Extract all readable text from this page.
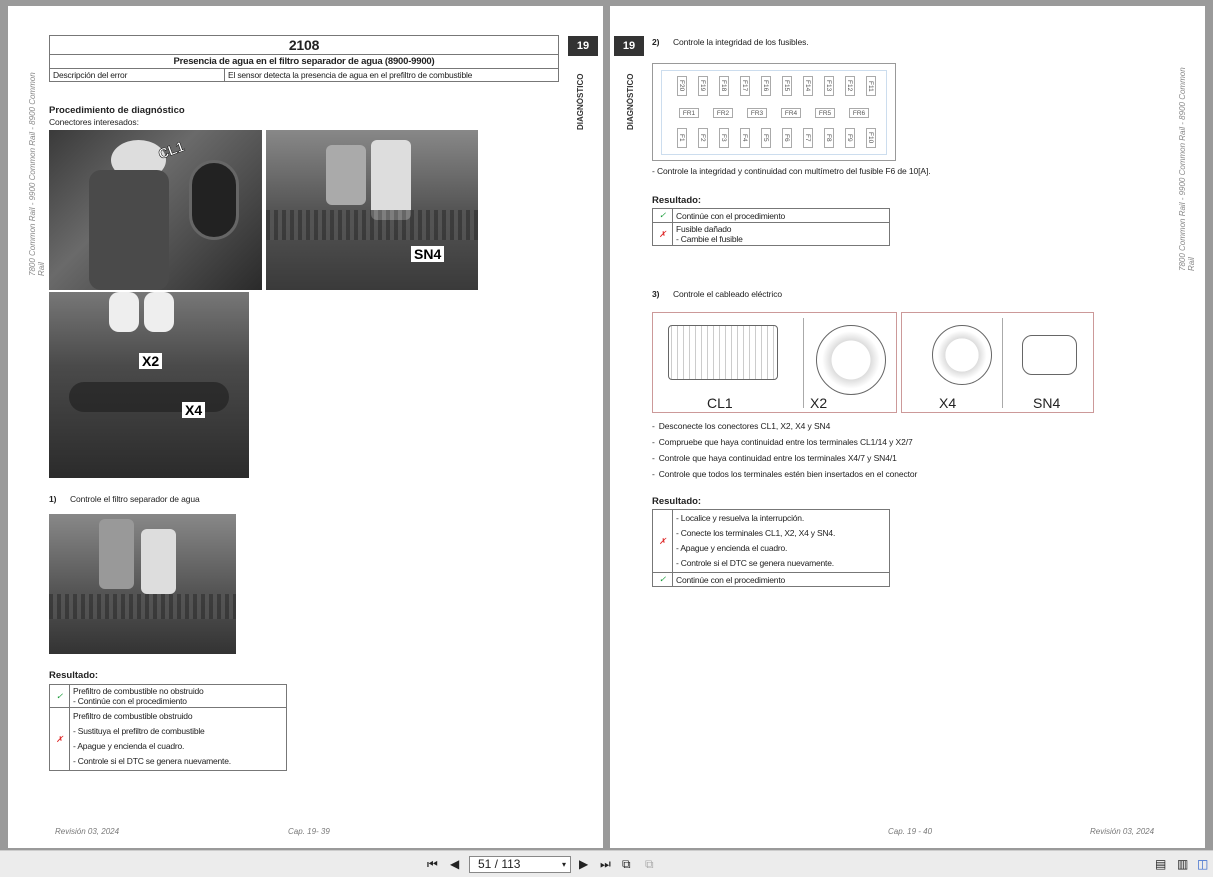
7800 Common Rail - 9900 Common Rail - 8900 Common Rail
19
DIAGNÓSTICO
2108
Presencia de agua en el filtro separador de agua (8900-9900)
Descripción del error	El sensor detecta la presencia de agua en el prefiltro de combustible
Procedimiento de diagnóstico
Conectores interesados:
CL1
SN4
X2
X4
1) Controle el filtro separador de agua
Resultado:
✓	Prefiltro de combustible no obstruido
- Continúe con el procedimiento

✗	Prefiltro de combustible obstruido
- Sustituya el prefiltro de combustible
- Apague y encienda el cuadro.
- Controle si el DTC se genera nuevamente.
Revisión 03, 2024	Cap. 19- 39
19
DIAGNÓSTICO	7800 Common Rail - 9900 Common Rail - 8900 Common Rail
2) Controle la integridad de los fusibles.
F20	F19	F18	F17	F16	F15	F14	F13	F12	F11
FR1	FR2	FR3	FR4	FR5	FR6
F1	F2	F3	F4	F5	F6	F7	F8	F9	F10
- Controle la integridad y continuidad con multímetro del fusible F6 de 10[A].
Resultado:
✓	Continúe con el procedimiento
✗	Fusible dañado
- Cambie el fusible
3) Controle el cableado eléctrico
CL1	X2	X4	SN4
- Desconecte los conectores CL1, X2, X4 y SN4
- Compruebe que haya continuidad entre los terminales CL1/14 y X2/7
- Controle que haya continuidad entre los terminales X4/7 y SN4/1
- Controle que todos los terminales estén bien insertados en el conector
Resultado:
✗	- Localice y resuelva la interrupción.
- Conecte los terminales CL1, X2, X4 y SN4.
- Apague y encienda el cuadro.
- Controle si el DTC se genera nuevamente.

✓	Continúe con el procedimiento
Cap. 19 - 40	Revisión 03, 2024
⏮ ◀	51 / 113	▾ ▶ ⏭ ⧉ ⧉	▤ ▥ ◫
